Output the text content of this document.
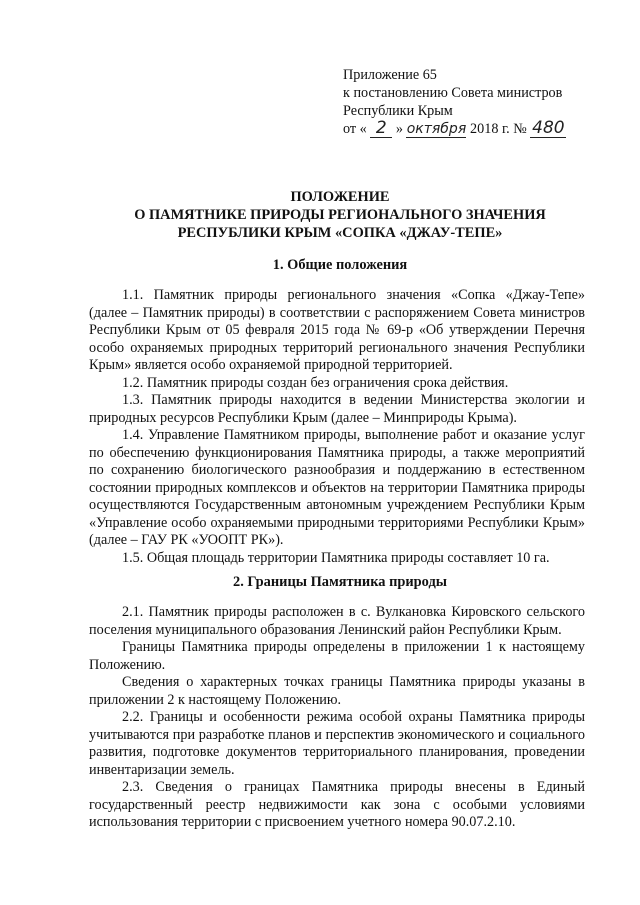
Приложение 65
к постановлению Совета министров
Республики Крым
от « 2 » октября 2018 г. № 480
ПОЛОЖЕНИЕ
О ПАМЯТНИКЕ ПРИРОДЫ РЕГИОНАЛЬНОГО ЗНАЧЕНИЯ
РЕСПУБЛИКИ КРЫМ «СОПКА «ДЖАУ-ТЕПЕ»
1. Общие положения

1.1. Памятник природы регионального значения «Сопка «Джау-Тепе» (далее – Памятник природы) в соответствии с распоряжением Совета министров Республики Крым от 05 февраля 2015 года № 69-р «Об утверждении Перечня особо охраняемых природных территорий регионального значения Республики Крым» является особо охраняемой природной территорией.

1.2. Памятник природы создан без ограничения срока действия.

1.3. Памятник природы находится в ведении Министерства экологии и природных ресурсов Республики Крым (далее – Минприроды Крыма).

1.4. Управление Памятником природы, выполнение работ и оказание услуг по обеспечению функционирования Памятника природы, а также мероприятий по сохранению биологического разнообразия и поддержанию в естественном состоянии природных комплексов и объектов на территории Памятника природы осуществляются Государственным автономным учреждением Республики Крым «Управление особо охраняемыми природными территориями Республики Крым» (далее – ГАУ РК «УООПТ РК»).

1.5. Общая площадь территории Памятника природы составляет 10 га.

2. Границы Памятника природы

2.1. Памятник природы расположен в с. Вулкановка Кировского сельского поселения муниципального образования Ленинский район Республики Крым.

Границы Памятника природы определены в приложении 1 к настоящему Положению.

Сведения о характерных точках границы Памятника природы указаны в приложении 2 к настоящему Положению.

2.2. Границы и особенности режима особой охраны Памятника природы учитываются при разработке планов и перспектив экономического и социального развития, подготовке документов территориального планирования, проведении инвентаризации земель.

2.3. Сведения о границах Памятника природы внесены в Единый государственный реестр недвижимости как зона с особыми условиями использования территории с присвоением учетного номера 90.07.2.10.
